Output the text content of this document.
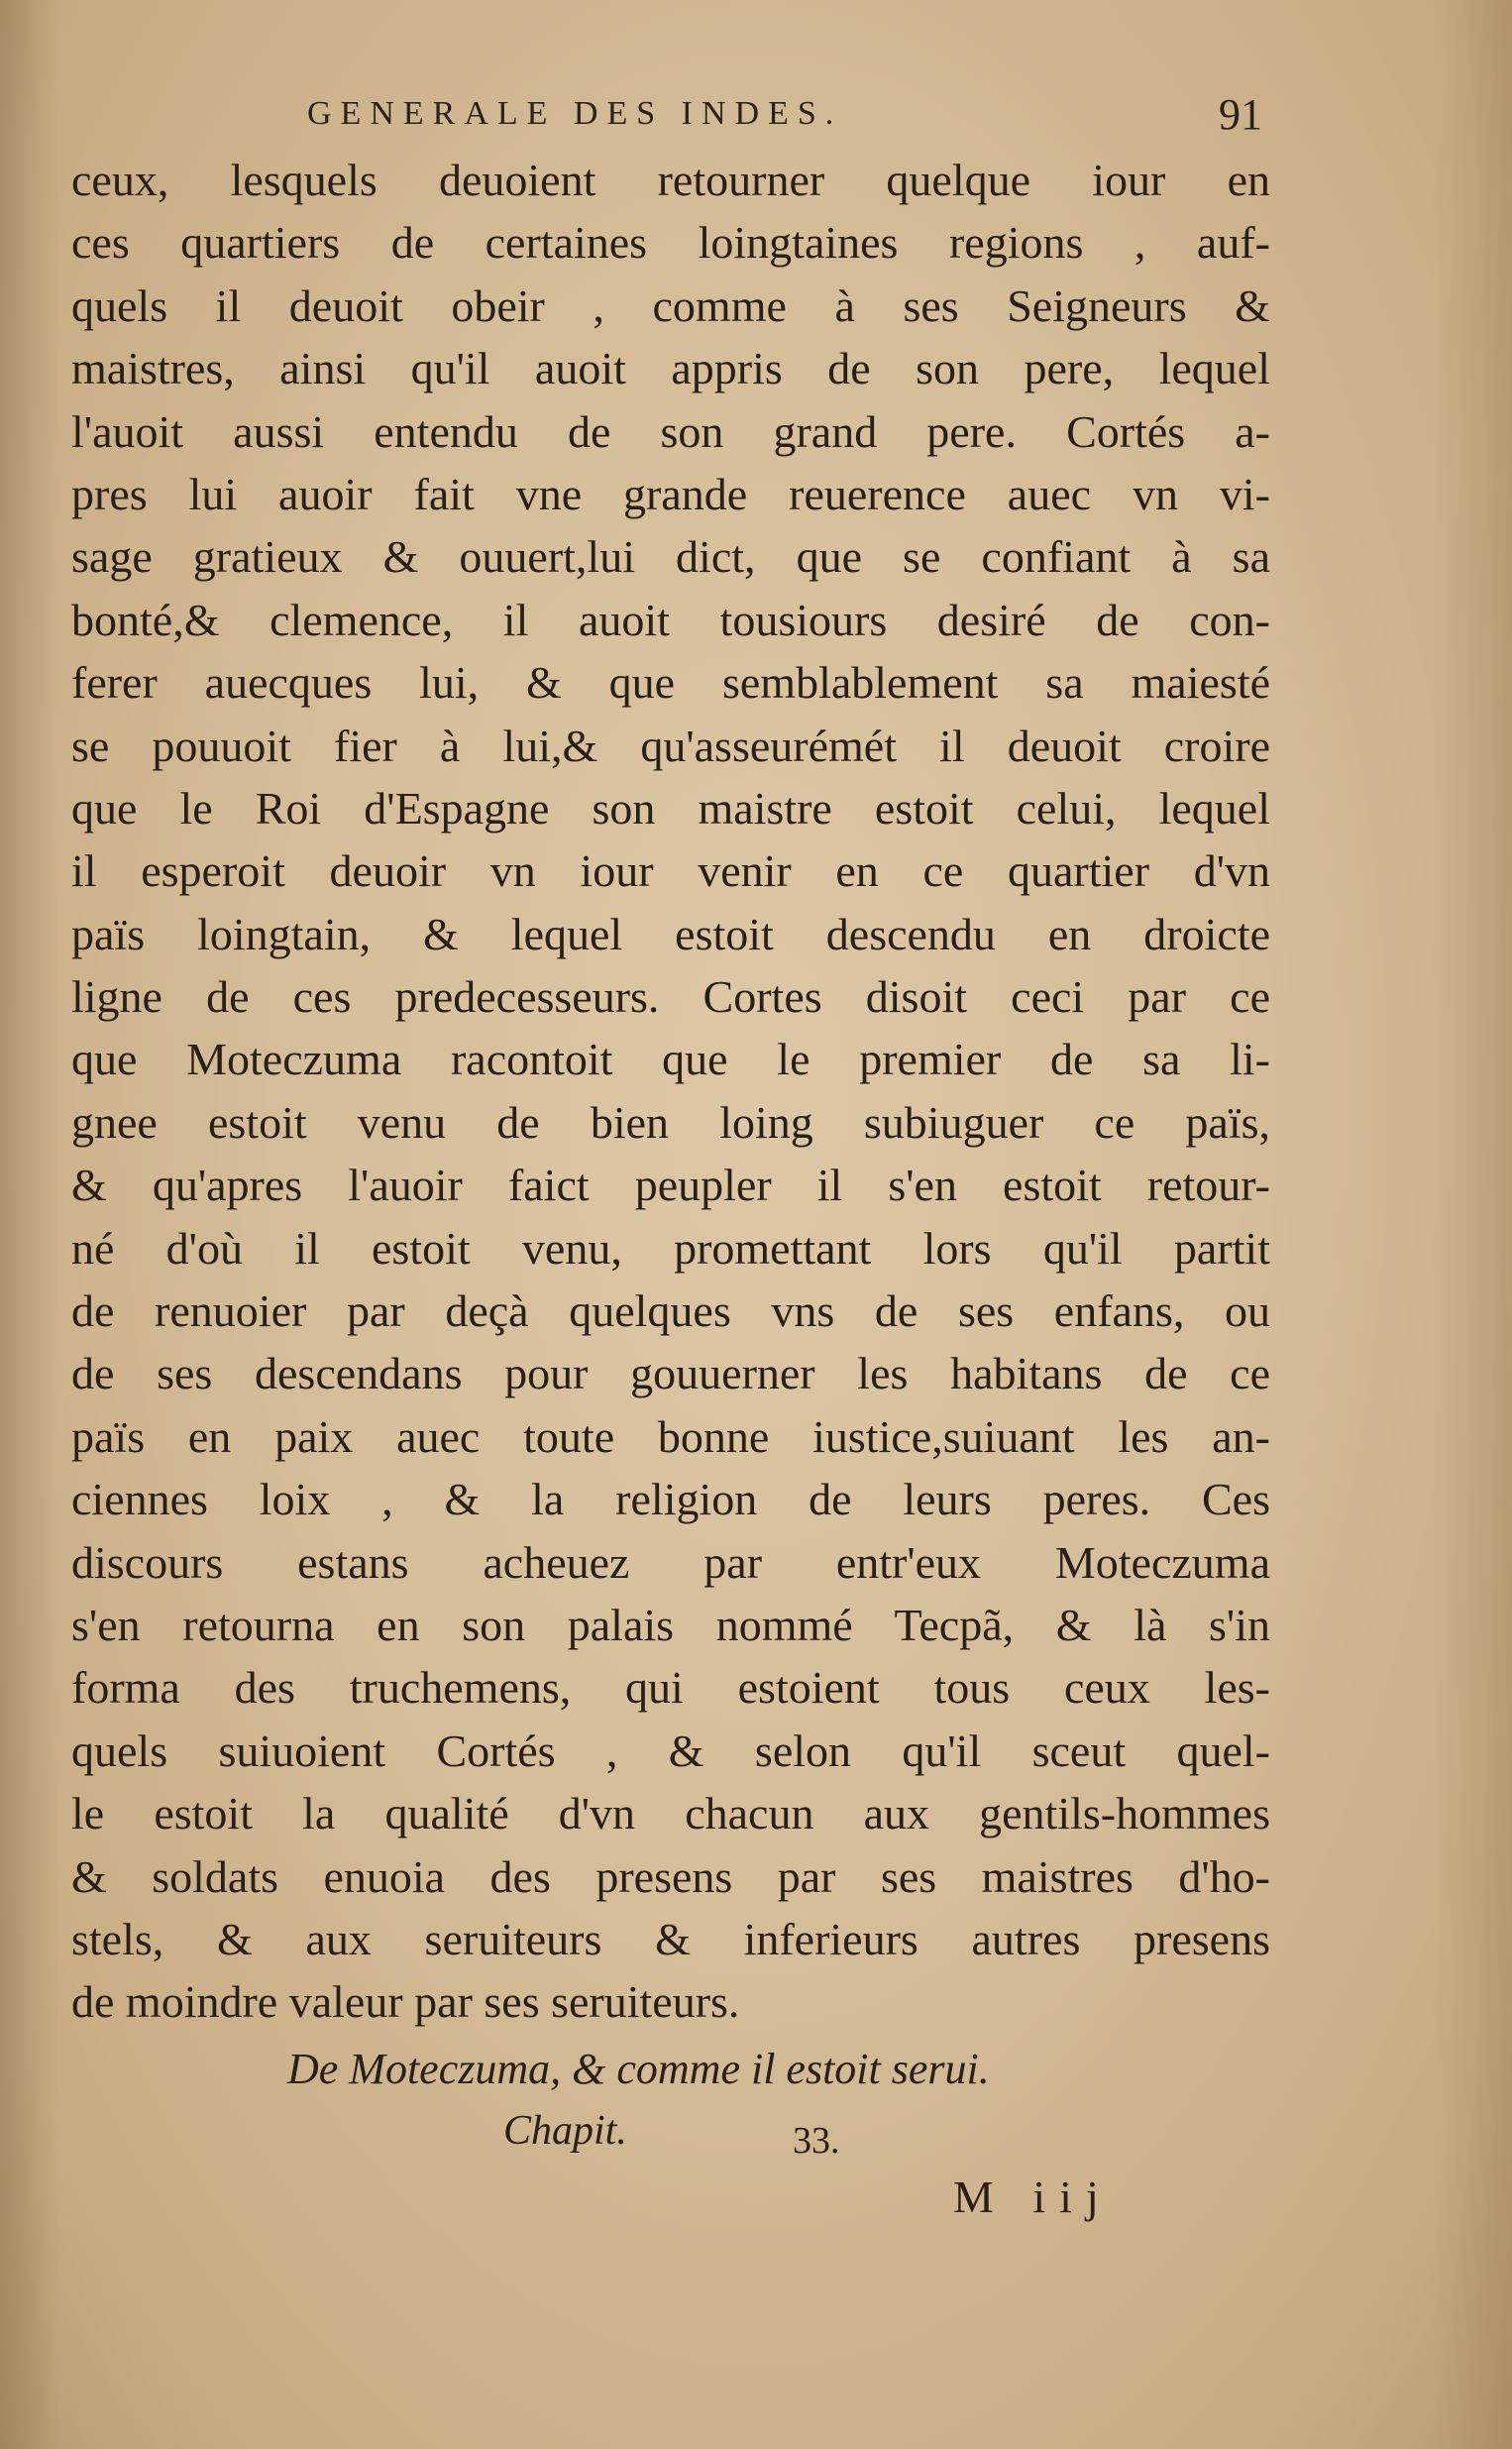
GENERALE DES INDES.	91
ceux, lesquels deuoient retourner quelque iour en
ces quartiers de certaines loingtaines regions , auf-
quels il deuoit obeir , comme à ses Seigneurs &
maistres, ainsi qu'il auoit appris de son pere, lequel
l'auoit aussi entendu de son grand pere. Cortés a-
pres lui auoir fait vne grande reuerence auec vn vi-
sage gratieux & ouuert,lui dict, que se confiant à sa
bonté,& clemence, il auoit tousiours desiré de con-
ferer auecques lui, & que semblablement sa maiesté
se pouuoit fier à lui,& qu'asseurémét il deuoit croire
que le Roi d'Espagne son maistre estoit celui, lequel
il esperoit deuoir vn iour venir en ce quartier d'vn
païs loingtain, & lequel estoit descendu en droicte
ligne de ces predecesseurs. Cortes disoit ceci par ce
que Moteczuma racontoit que le premier de sa li-
gnee estoit venu de bien loing subiuguer ce païs,
& qu'apres l'auoir faict peupler il s'en estoit retour-
né d'où il estoit venu, promettant lors qu'il partit
de renuoier par deçà quelques vns de ses enfans, ou
de ses descendans pour gouuerner les habitans de ce
païs en paix auec toute bonne iustice,suiuant les an-
ciennes loix , & la religion de leurs peres. Ces
discours estans acheuez par entr'eux Moteczuma
s'en retourna en son palais nommé Tecpã, & là s'in
forma des truchemens, qui estoient tous ceux les-
quels suiuoient Cortés , & selon qu'il sceut quel-
le estoit la qualité d'vn chacun aux gentils-hommes
& soldats enuoia des presens par ses maistres d'ho-
stels, & aux seruiteurs & inferieurs autres presens
de moindre valeur par ses seruiteurs.
De Moteczuma, & comme il estoit serui.
Chapit.	33.
M iij
